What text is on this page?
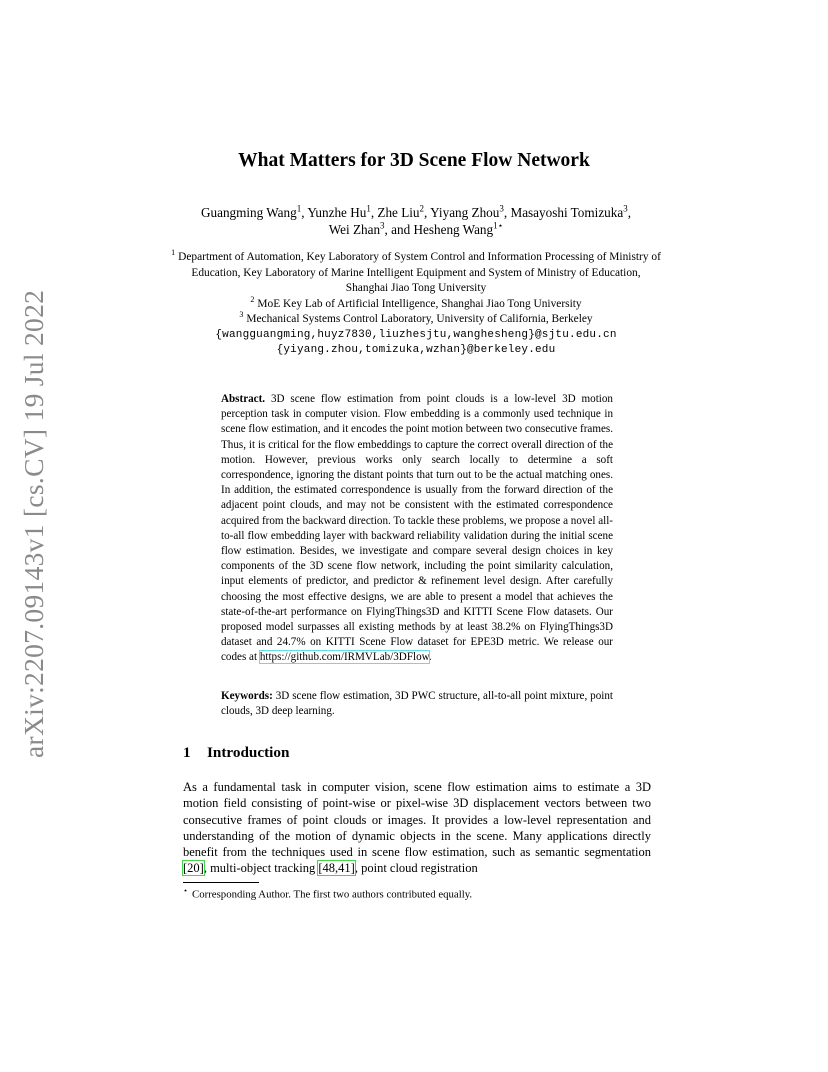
arXiv:2207.09143v1 [cs.CV] 19 Jul 2022
What Matters for 3D Scene Flow Network
Guangming Wang$^1$, Yunzhe Hu$^1$, Zhe Liu$^2$, Yiyang Zhou$^3$, Masayoshi Tomizuka$^3$,
Wei Zhan$^3$, and Hesheng Wang$^{1⋆}$
$^1$ Department of Automation, Key Laboratory of System Control and Information Processing of Ministry of Education, Key Laboratory of Marine Intelligent Equipment and System of Ministry of Education, Shanghai Jiao Tong University
$^2$ MoE Key Lab of Artificial Intelligence, Shanghai Jiao Tong University
$^3$ Mechanical Systems Control Laboratory, University of California, Berkeley
{wangguangming,huyz7830,liuzhesjtu,wanghesheng}@sjtu.edu.cn
{yiyang.zhou,tomizuka,wzhan}@berkeley.edu
Abstract. 3D scene flow estimation from point clouds is a low-level 3D motion perception task in computer vision. Flow embedding is a commonly used technique in scene flow estimation, and it encodes the point motion between two consecutive frames. Thus, it is critical for the flow embeddings to capture the correct overall direction of the motion. However, previous works only search locally to determine a soft correspondence, ignoring the distant points that turn out to be the actual matching ones. In addition, the estimated correspondence is usually from the forward direction of the adjacent point clouds, and may not be consistent with the estimated correspondence acquired from the backward direction. To tackle these problems, we propose a novel all-to-all flow embedding layer with backward reliability validation during the initial scene flow estimation. Besides, we investigate and compare several design choices in key components of the 3D scene flow network, including the point similarity calculation, input elements of predictor, and predictor & refinement level design. After carefully choosing the most effective designs, we are able to present a model that achieves the state-of-the-art performance on FlyingThings3D and KITTI Scene Flow datasets. Our proposed model surpasses all existing methods by at least 38.2% on FlyingThings3D dataset and 24.7% on KITTI Scene Flow dataset for EPE3D metric. We release our codes at https://github.com/IRMVLab/3DFlow.
Keywords: 3D scene flow estimation, 3D PWC structure, all-to-all point mixture, point clouds, 3D deep learning.
1 Introduction
As a fundamental task in computer vision, scene flow estimation aims to estimate a 3D motion field consisting of point-wise or pixel-wise 3D displacement vectors between two consecutive frames of point clouds or images. It provides a low-level representation and understanding of the motion of dynamic objects in the scene. Many applications directly benefit from the techniques used in scene flow estimation, such as semantic segmentation [20], multi-object tracking [48,41], point cloud registration
⋆ Corresponding Author. The first two authors contributed equally.
